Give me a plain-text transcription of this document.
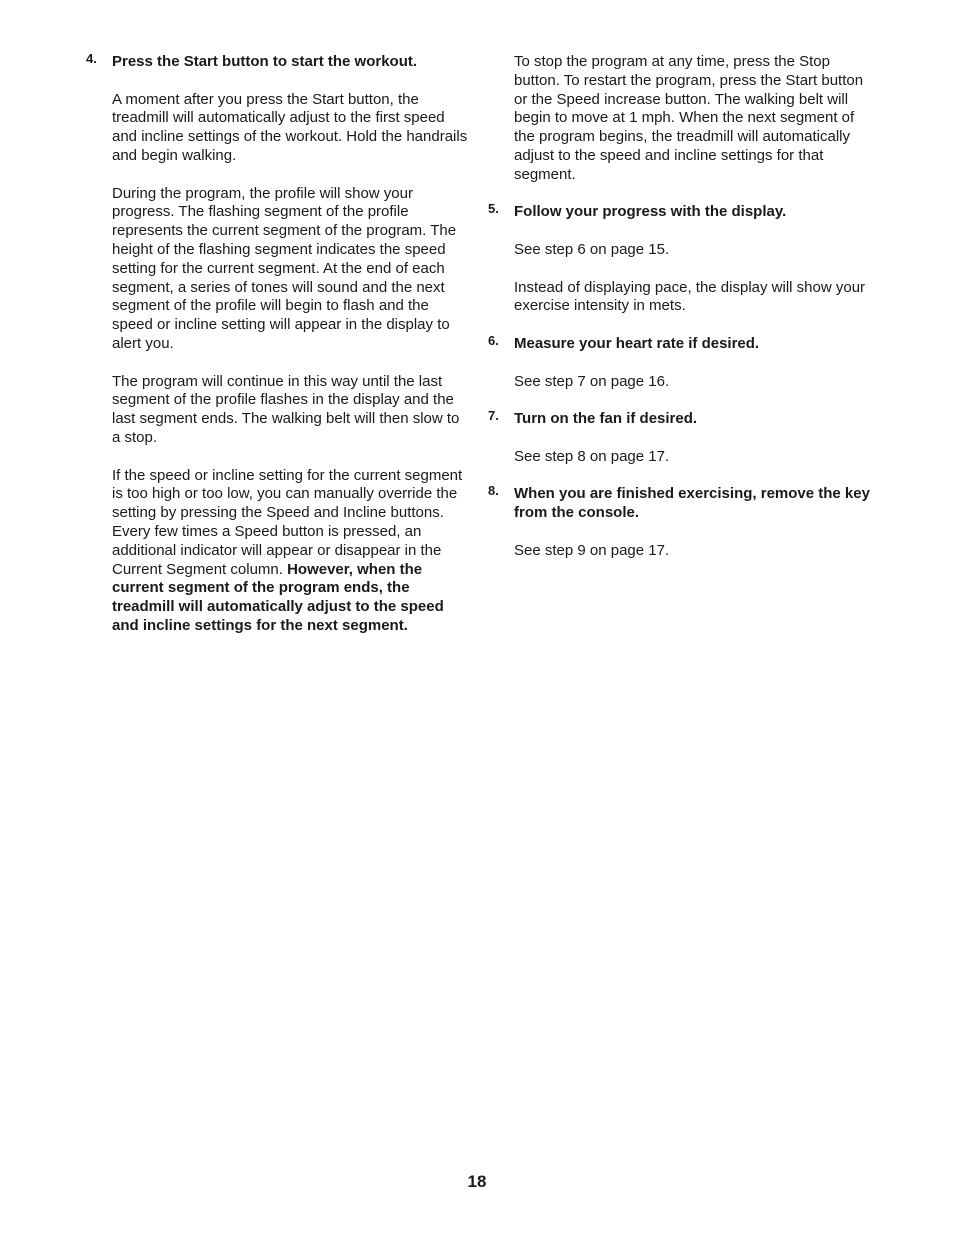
4. Press the Start button to start the workout.

A moment after you press the Start button, the treadmill will automatically adjust to the first speed and incline settings of the workout. Hold the handrails and begin walking.

During the program, the profile will show your progress. The flashing segment of the profile represents the current segment of the program. The height of the flashing segment indicates the speed setting for the current segment. At the end of each segment, a series of tones will sound and the next segment of the profile will begin to flash and the speed or incline setting will appear in the display to alert you.

The program will continue in this way until the last segment of the profile flashes in the display and the last segment ends. The walking belt will then slow to a stop.

If the speed or incline setting for the current segment is too high or too low, you can manually override the setting by pressing the Speed and Incline buttons. Every few times a Speed button is pressed, an additional indicator will appear or disappear in the Current Segment column. However, when the current segment of the program ends, the treadmill will automatically adjust to the speed and incline settings for the next segment.

To stop the program at any time, press the Stop button. To restart the program, press the Start button or the Speed increase button. The walking belt will begin to move at 1 mph. When the next segment of the program begins, the treadmill will automatically adjust to the speed and incline settings for that segment.

5. Follow your progress with the display.

See step 6 on page 15.

Instead of displaying pace, the display will show your exercise intensity in mets.

6. Measure your heart rate if desired.

See step 7 on page 16.

7. Turn on the fan if desired.

See step 8 on page 17.

8. When you are finished exercising, remove the key from the console.

See step 9 on page 17.

18
